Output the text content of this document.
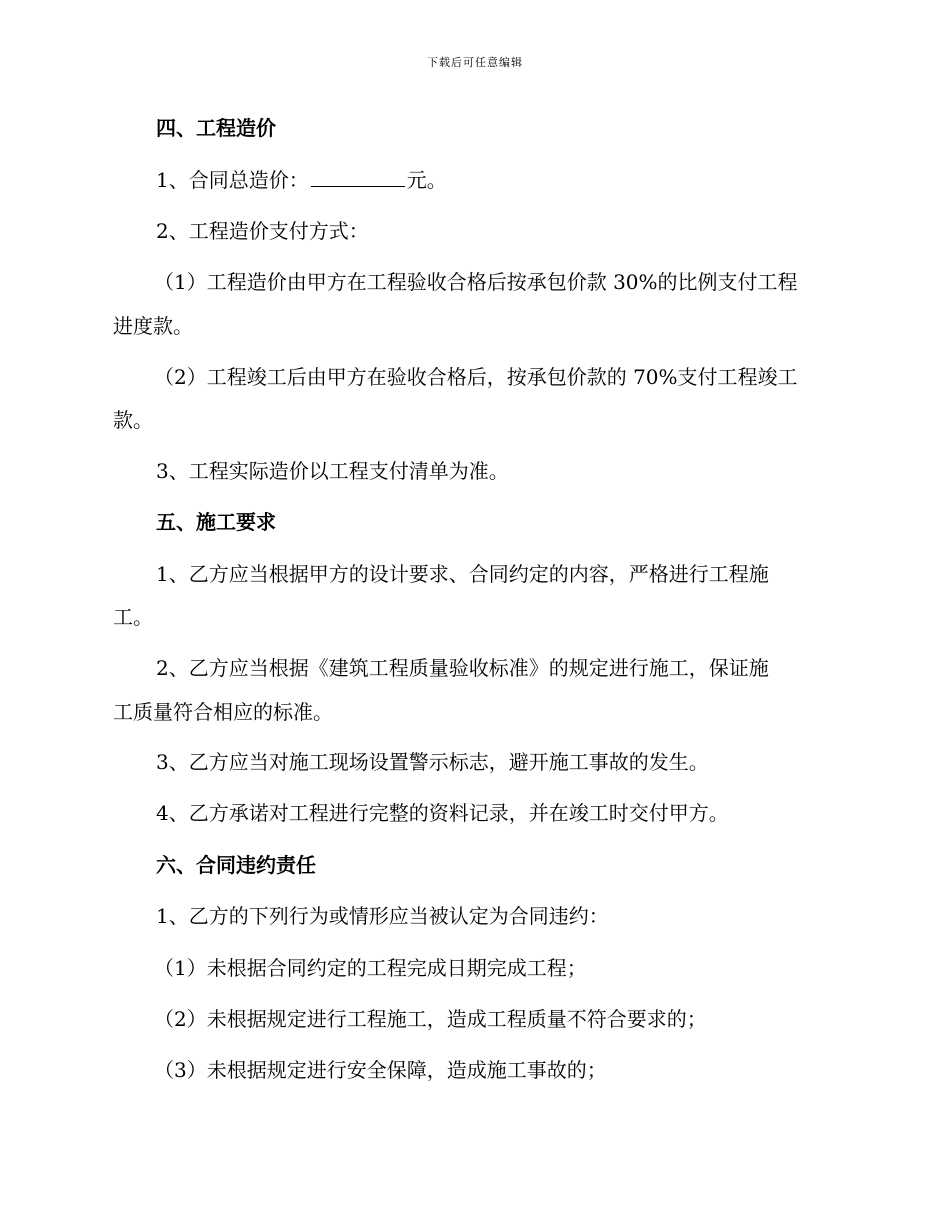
下载后可任意编辑
四、工程造价
1、合同总造价：	元。
2、工程造价支付方式：
（1）工程造价由甲方在工程验收合格后按承包价款 30%的比例支付工程
进度款。
（2）工程竣工后由甲方在验收合格后，按承包价款的 70%支付工程竣工
款。
3、工程实际造价以工程支付清单为准。
五、施工要求
1、乙方应当根据甲方的设计要求、合同约定的内容，严格进行工程施
工。
2、乙方应当根据《建筑工程质量验收标准》的规定进行施工，保证施
工质量符合相应的标准。
3、乙方应当对施工现场设置警示标志，避开施工事故的发生。
4、乙方承诺对工程进行完整的资料记录，并在竣工时交付甲方。
六、合同违约责任
1、乙方的下列行为或情形应当被认定为合同违约：
（1）未根据合同约定的工程完成日期完成工程；
（2）未根据规定进行工程施工，造成工程质量不符合要求的；
（3）未根据规定进行安全保障，造成施工事故的；
